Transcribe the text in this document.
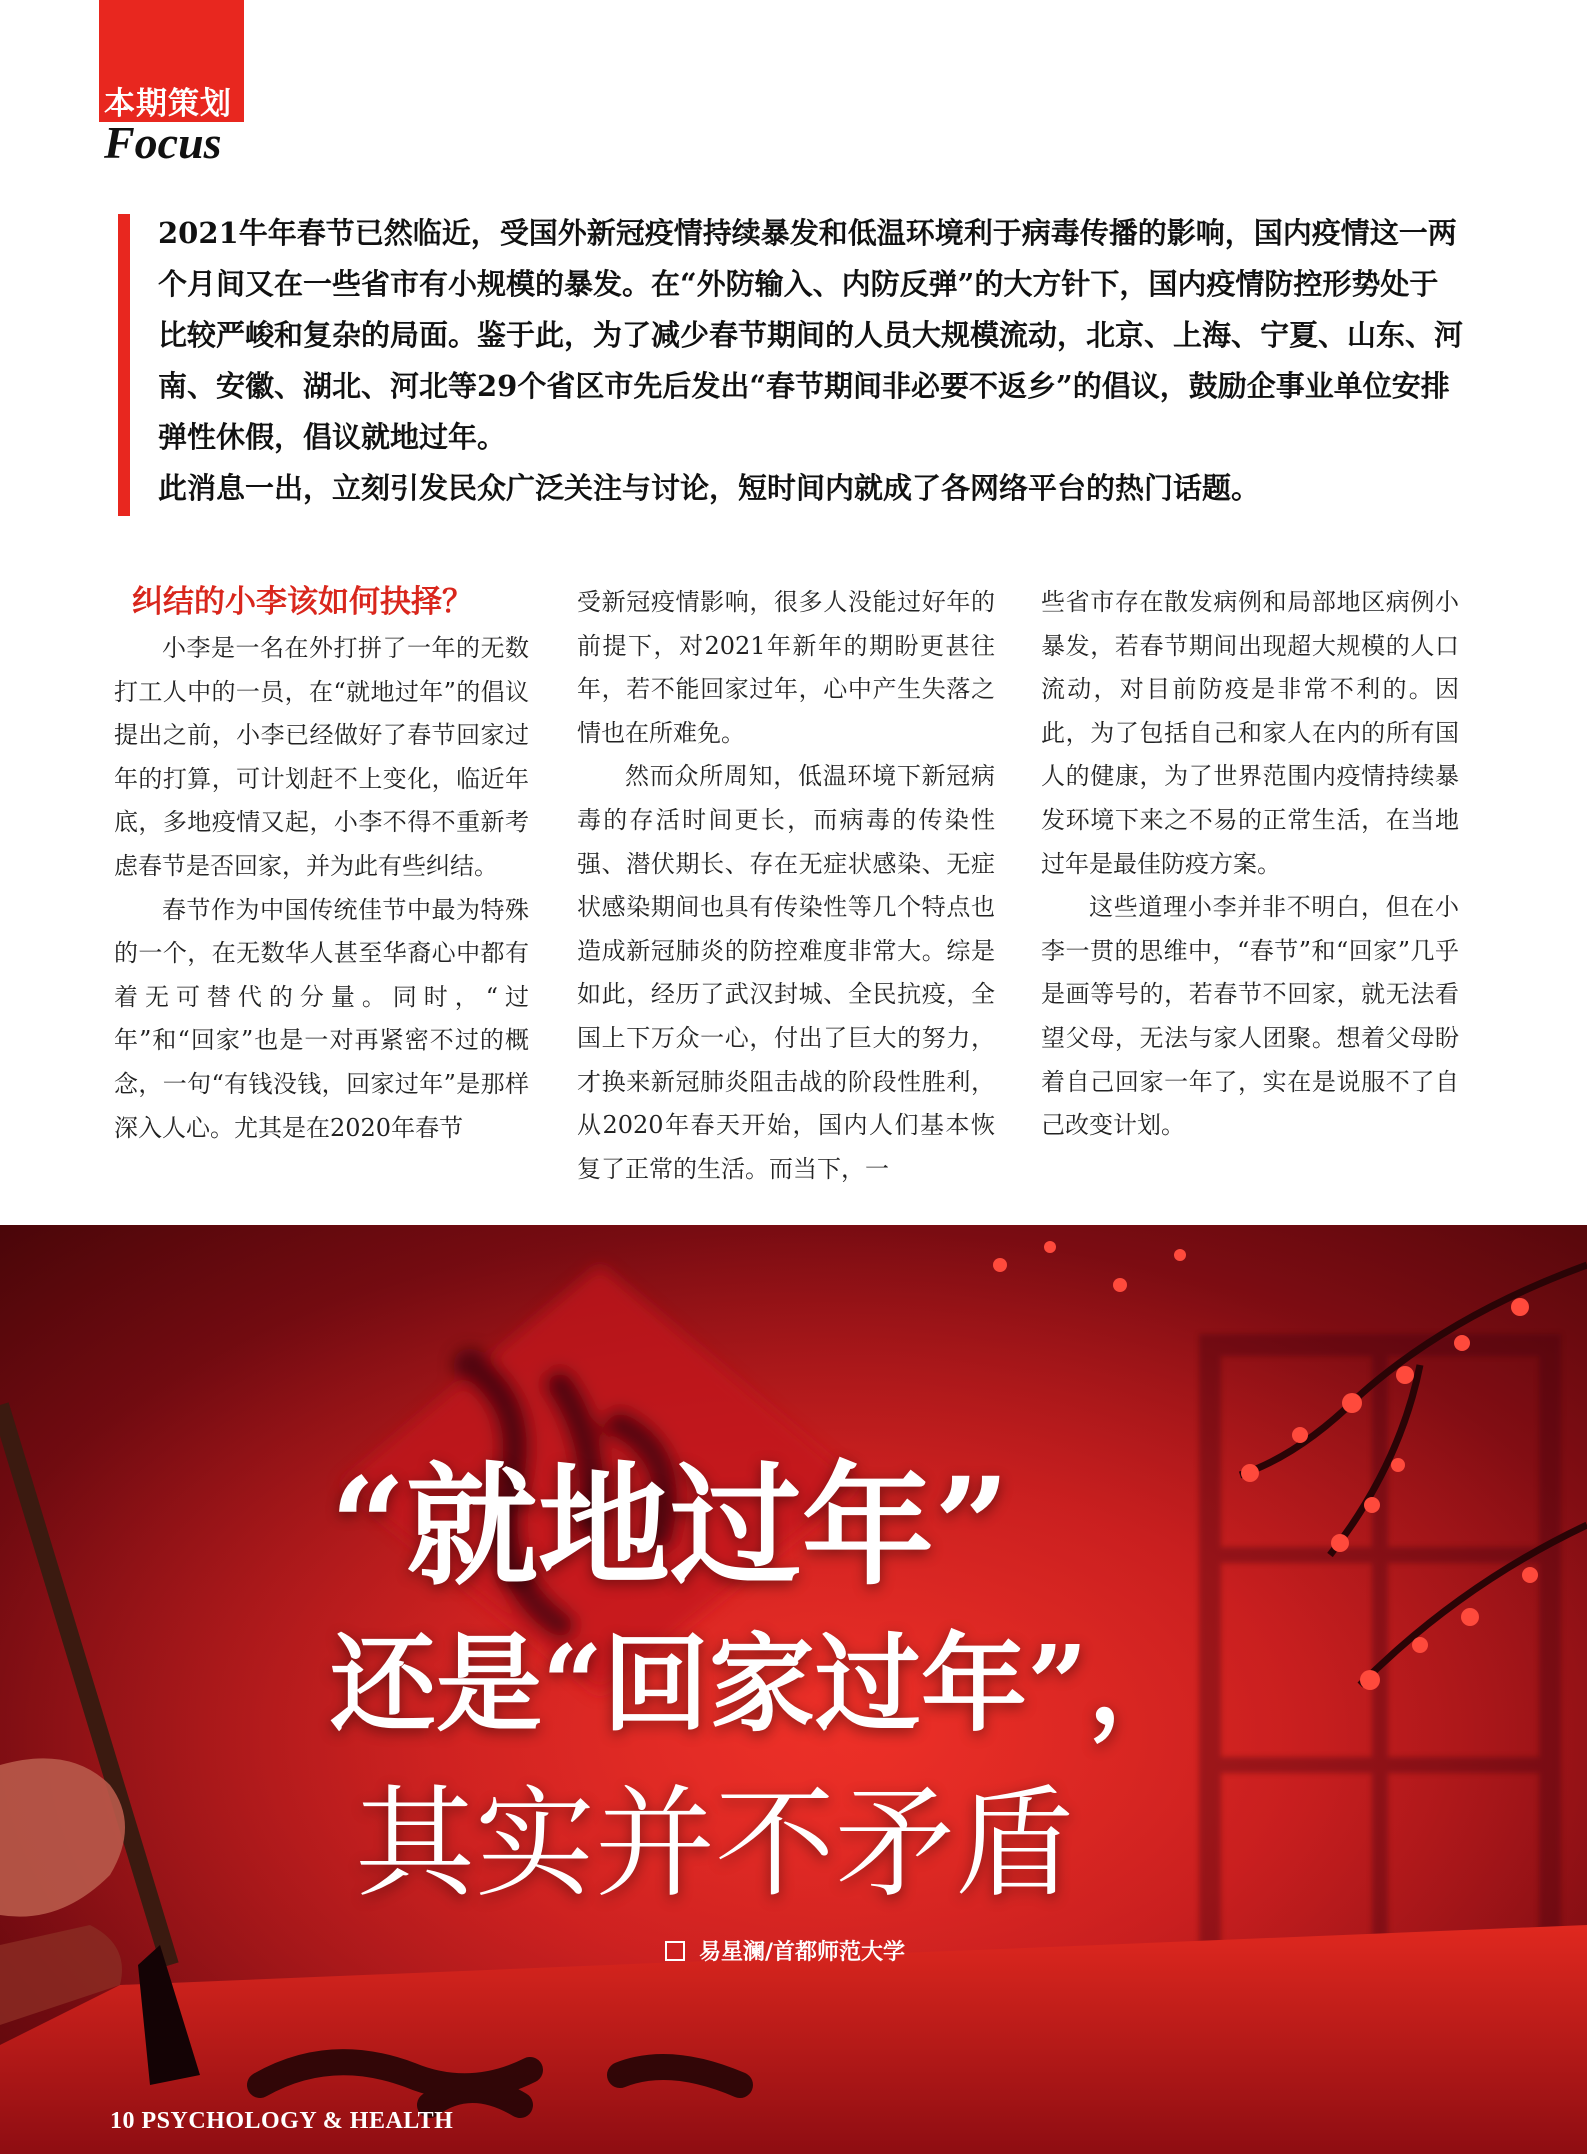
本期策划
Focus

2021牛年春节已然临近，受国外新冠疫情持续暴发和低温环境利于病毒传播的影响，国内疫情这一两个月间又在一些省市有小规模的暴发。在“外防输入、内防反弹”的大方针下，国内疫情防控形势处于比较严峻和复杂的局面。鉴于此，为了减少春节期间的人员大规模流动，北京、上海、宁夏、山东、河南、安徽、湖北、河北等29个省区市先后发出“春节期间非必要不返乡”的倡议，鼓励企事业单位安排弹性休假，倡议就地过年。

此消息一出，立刻引发民众广泛关注与讨论，短时间内就成了各网络平台的热门话题。

纠结的小李该如何抉择？

小李是一名在外打拼了一年的无数打工人中的一员，在“就地过年”的倡议提出之前，小李已经做好了春节回家过年的打算，可计划赶不上变化，临近年底，多地疫情又起，小李不得不重新考虑春节是否回家，并为此有些纠结。

春节作为中国传统佳节中最为特殊的一个，在无数华人甚至华裔心中都有着无可替代的分量。同时，“过年”和“回家”也是一对再紧密不过的概念，一句“有钱没钱，回家过年”是那样深入人心。尤其是在2020年春节

受新冠疫情影响，很多人没能过好年的前提下，对2021年新年的期盼更甚往年，若不能回家过年，心中产生失落之情也在所难免。

然而众所周知，低温环境下新冠病毒的存活时间更长，而病毒的传染性强、潜伏期长、存在无症状感染、无症状感染期间也具有传染性等几个特点也造成新冠肺炎的防控难度非常大。综是如此，经历了武汉封城、全民抗疫，全国上下万众一心，付出了巨大的努力，才换来新冠肺炎阻击战的阶段性胜利，从2020年春天开始，国内人们基本恢复了正常的生活。而当下，一

些省市存在散发病例和局部地区病例小暴发，若春节期间出现超大规模的人口流动，对目前防疫是非常不利的。因此，为了包括自己和家人在内的所有国人的健康，为了世界范围内疫情持续暴发环境下来之不易的正常生活，在当地过年是最佳防疫方案。

这些道理小李并非不明白，但在小李一贯的思维中，“春节”和“回家”几乎是画等号的，若春节不回家，就无法看望父母，无法与家人团聚。想着父母盼着自己回家一年了，实在是说服不了自己改变计划。

“就地过年”
还是“回家过年”，
其实并不矛盾
易星澜/首都师范大学
10 PSYCHOLOGY & HEALTH
